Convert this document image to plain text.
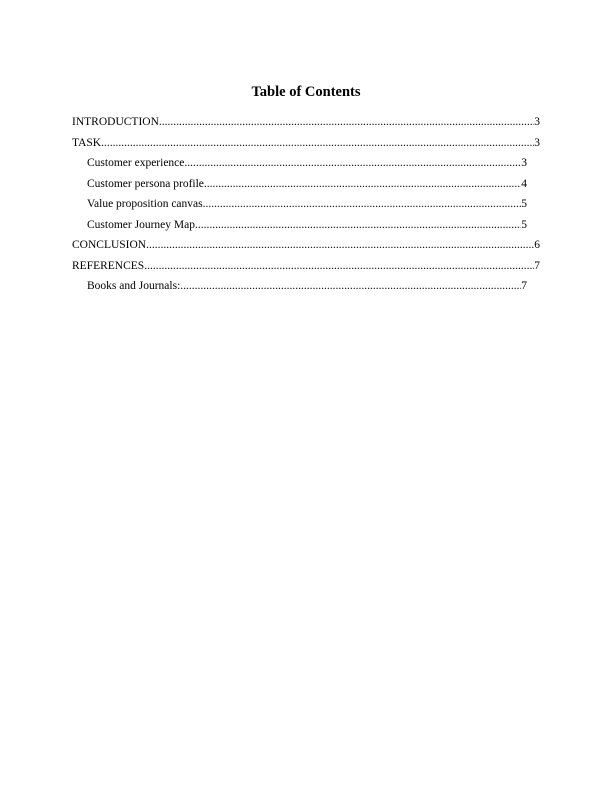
Table of Contents
INTRODUCTION .....	3
TASK .....	3
Customer experience .....	3
Customer persona profile .....	4
Value proposition canvas .....	5
Customer Journey Map .....	5
CONCLUSION .....	6
REFERENCES .....	7
Books and Journals: .....	7
